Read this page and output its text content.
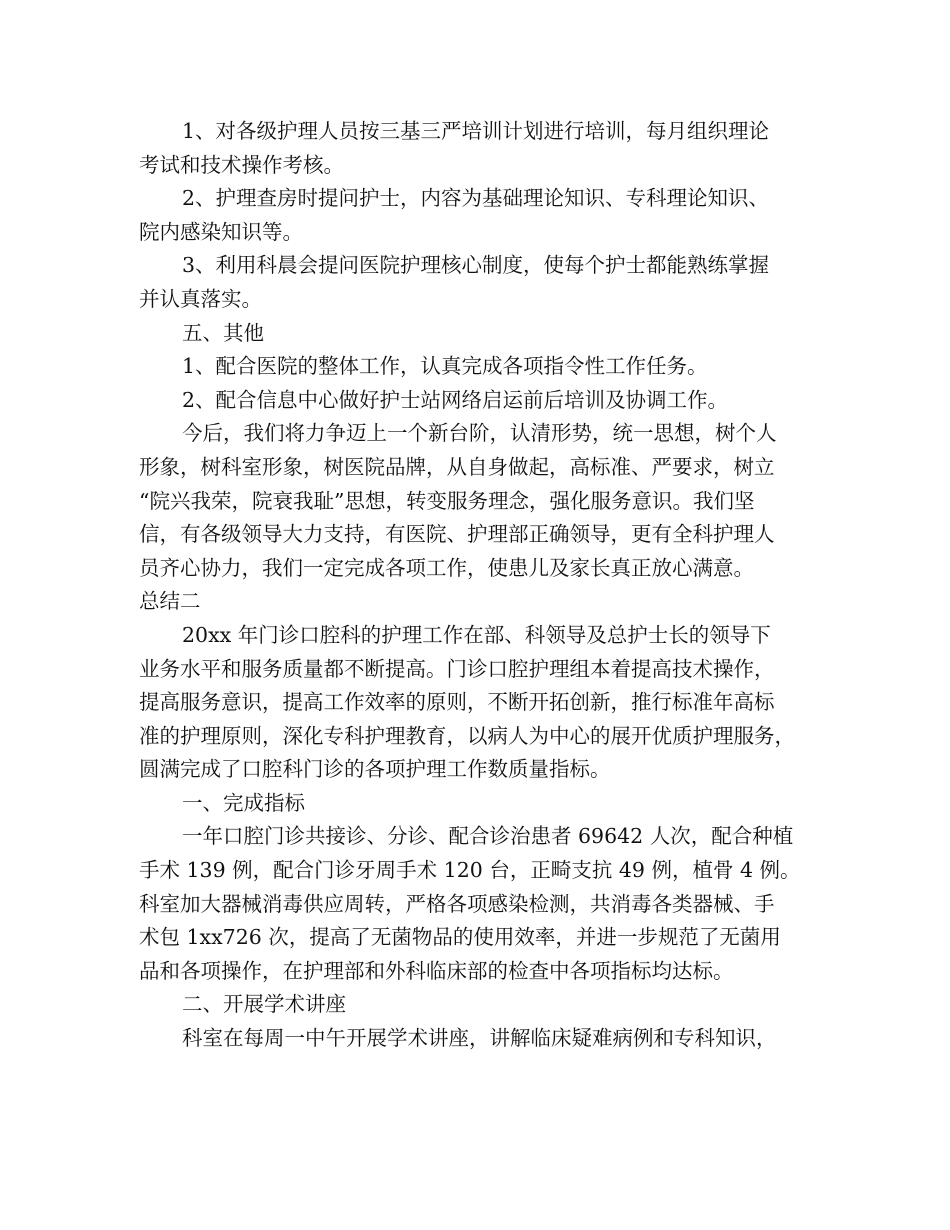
1、对各级护理人员按三基三严培训计划进行培训，每月组织理论
考试和技术操作考核。
2、护理查房时提问护士，内容为基础理论知识、专科理论知识、
院内感染知识等。
3、利用科晨会提问医院护理核心制度，使每个护士都能熟练掌握
并认真落实。
五、其他
1、配合医院的整体工作，认真完成各项指令性工作任务。
2、配合信息中心做好护士站网络启运前后培训及协调工作。
今后，我们将力争迈上一个新台阶，认清形势，统一思想，树个人
形象，树科室形象，树医院品牌，从自身做起，高标准、严要求，树立
“院兴我荣，院衰我耻”思想，转变服务理念，强化服务意识。我们坚
信，有各级领导大力支持，有医院、护理部正确领导，更有全科护理人
员齐心协力，我们一定完成各项工作，使患儿及家长真正放心满意。
总结二
20xx 年门诊口腔科的护理工作在部、科领导及总护士长的领导下
业务水平和服务质量都不断提高。门诊口腔护理组本着提高技术操作，
提高服务意识，提高工作效率的原则，不断开拓创新，推行标准年高标
准的护理原则，深化专科护理教育，以病人为中心的展开优质护理服务，
圆满完成了口腔科门诊的各项护理工作数质量指标。
一、完成指标
一年口腔门诊共接诊、分诊、配合诊治患者 69642 人次，配合种植
手术 139 例，配合门诊牙周手术 120 台，正畸支抗 49 例，植骨 4 例。
科室加大器械消毒供应周转，严格各项感染检测，共消毒各类器械、手
术包 1xx726 次，提高了无菌物品的使用效率，并进一步规范了无菌用
品和各项操作，在护理部和外科临床部的检查中各项指标均达标。
二、开展学术讲座
科室在每周一中午开展学术讲座，讲解临床疑难病例和专科知识，
